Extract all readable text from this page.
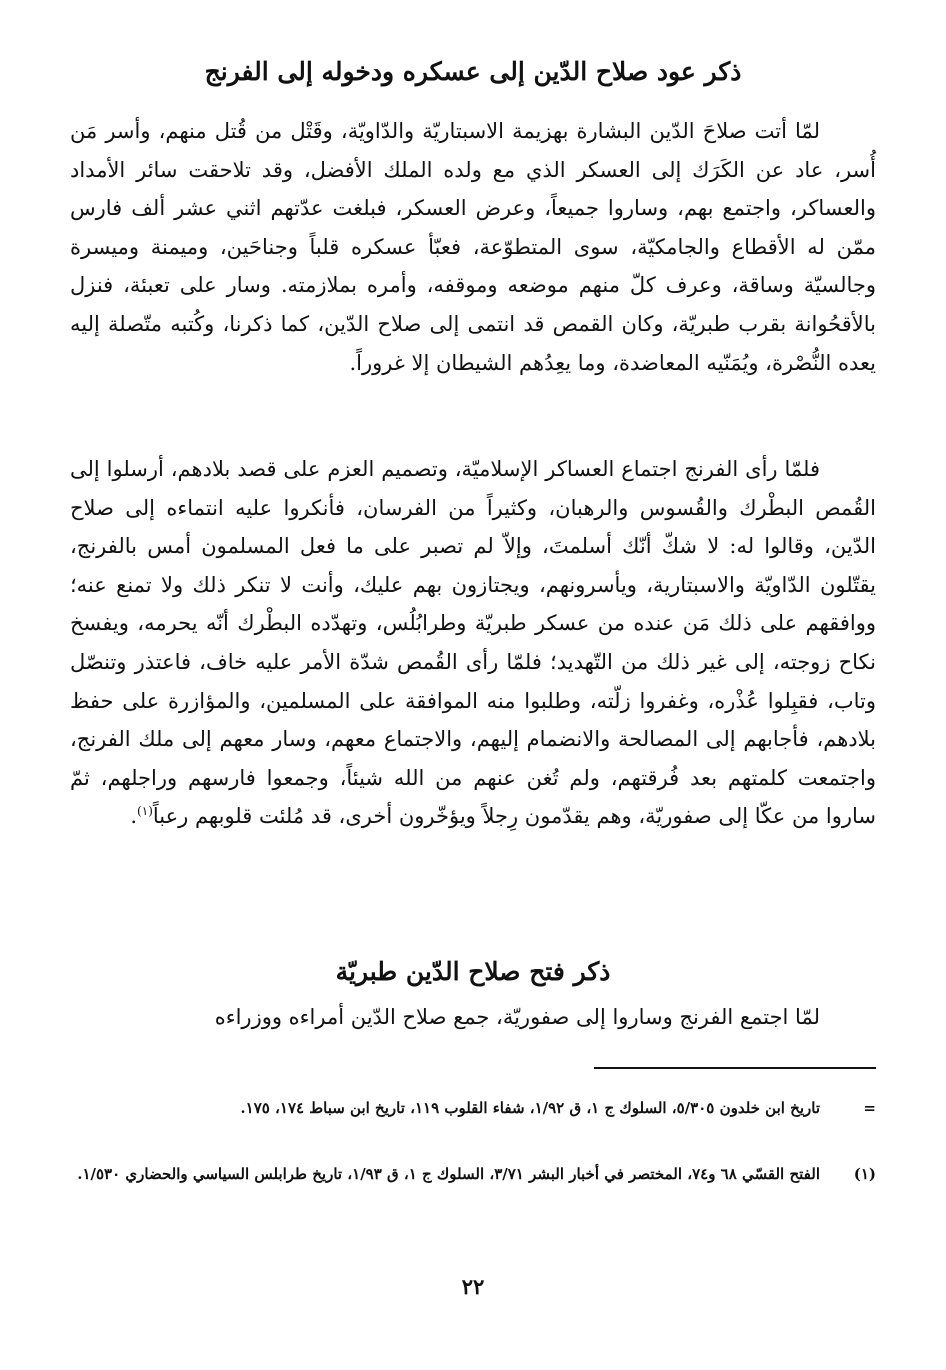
ذكر عود صلاح الدّين إلى عسكره ودخوله إلى الفرنج

لمّا أتت صلاحَ الدّين البشارة بهزيمة الاسبتاريّة والدّاويّة، وقَتْل من قُتل منهم، وأسر مَن أُسر، عاد عن الكَرَك إلى العسكر الذي مع ولده الملك الأفضل، وقد تلاحقت سائر الأمداد والعساكر، واجتمع بهم، وساروا جميعاً، وعرض العسكر، فبلغت عدّتهم اثني عشر ألف فارس ممّن له الأقطاع والجامكيّة، سوى المتطوّعة، فعبّأ عسكره قلباً وجناحَين، وميمنة وميسرة وجالسيّة وساقة، وعرف كلّ منهم موضعه وموقفه، وأمره بملازمته. وسار على تعبئة، فنزل بالأقحُوانة بقرب طبريّة، وكان القمص قد انتمى إلى صلاح الدّين، كما ذكرنا، وكُتبه متّصلة إليه يعده النُّصْرة، ويُمَنّيه المعاضدة، وما يعِدُهم الشيطان إلا غروراً.

فلمّا رأى الفرنج اجتماع العساكر الإسلاميّة، وتصميم العزم على قصد بلادهم، أرسلوا إلى القُمص البطْرك والقُسوس والرهبان، وكثيراً من الفرسان، فأنكروا عليه انتماءه إلى صلاح الدّين، وقالوا له: لا شكّ أنّك أسلمتَ، وإلاّ لم تصبر على ما فعل المسلمون أمس بالفرنج، يقتّلون الدّاويّة والاسبتارية، ويأسرونهم، ويجتازون بهم عليك، وأنت لا تنكر ذلك ولا تمنع عنه؛ ووافقهم على ذلك مَن عنده من عسكر طبريّة وطرابُلُس، وتهدّده البطْرك أنّه يحرمه، ويفسخ نكاح زوجته، إلى غير ذلك من التّهديد؛ فلمّا رأى القُمص شدّة الأمر عليه خاف، فاعتذر وتنصّل وتاب، فقبِلوا عُذْره، وغفروا زلّته، وطلبوا منه الموافقة على المسلمين، والمؤازرة على حفظ بلادهم، فأجابهم إلى المصالحة والانضمام إليهم، والاجتماع معهم، وسار معهم إلى ملك الفرنج، واجتمعت كلمتهم بعد فُرقتهم، ولم تُغن عنهم من الله شيئاً، وجمعوا فارسهم وراجلهم، ثمّ ساروا من عكّا إلى صفوريّة، وهم يقدّمون رِجلاً ويؤخّرون أخرى، قد مُلئت قلوبهم رعباً$^{(١)}$.

ذكر فتح صلاح الدّين طبريّة

لمّا اجتمع الفرنج وساروا إلى صفوريّة، جمع صلاح الدّين أمراءه ووزراءه

=
تاريخ ابن خلدون ٥/٣٠٥، السلوك ج ١، ق ١/٩٢، شفاء القلوب ١١٩، تاريخ ابن سباط ١٧٤، ١٧٥.

(١)
الفتح القسّي ٦٨ و٧٤، المختصر في أخبار البشر ٣/٧١، السلوك ج ١، ق ١/٩٣، تاريخ طرابلس السياسي والحضاري ١/٥٣٠.

٢٢
